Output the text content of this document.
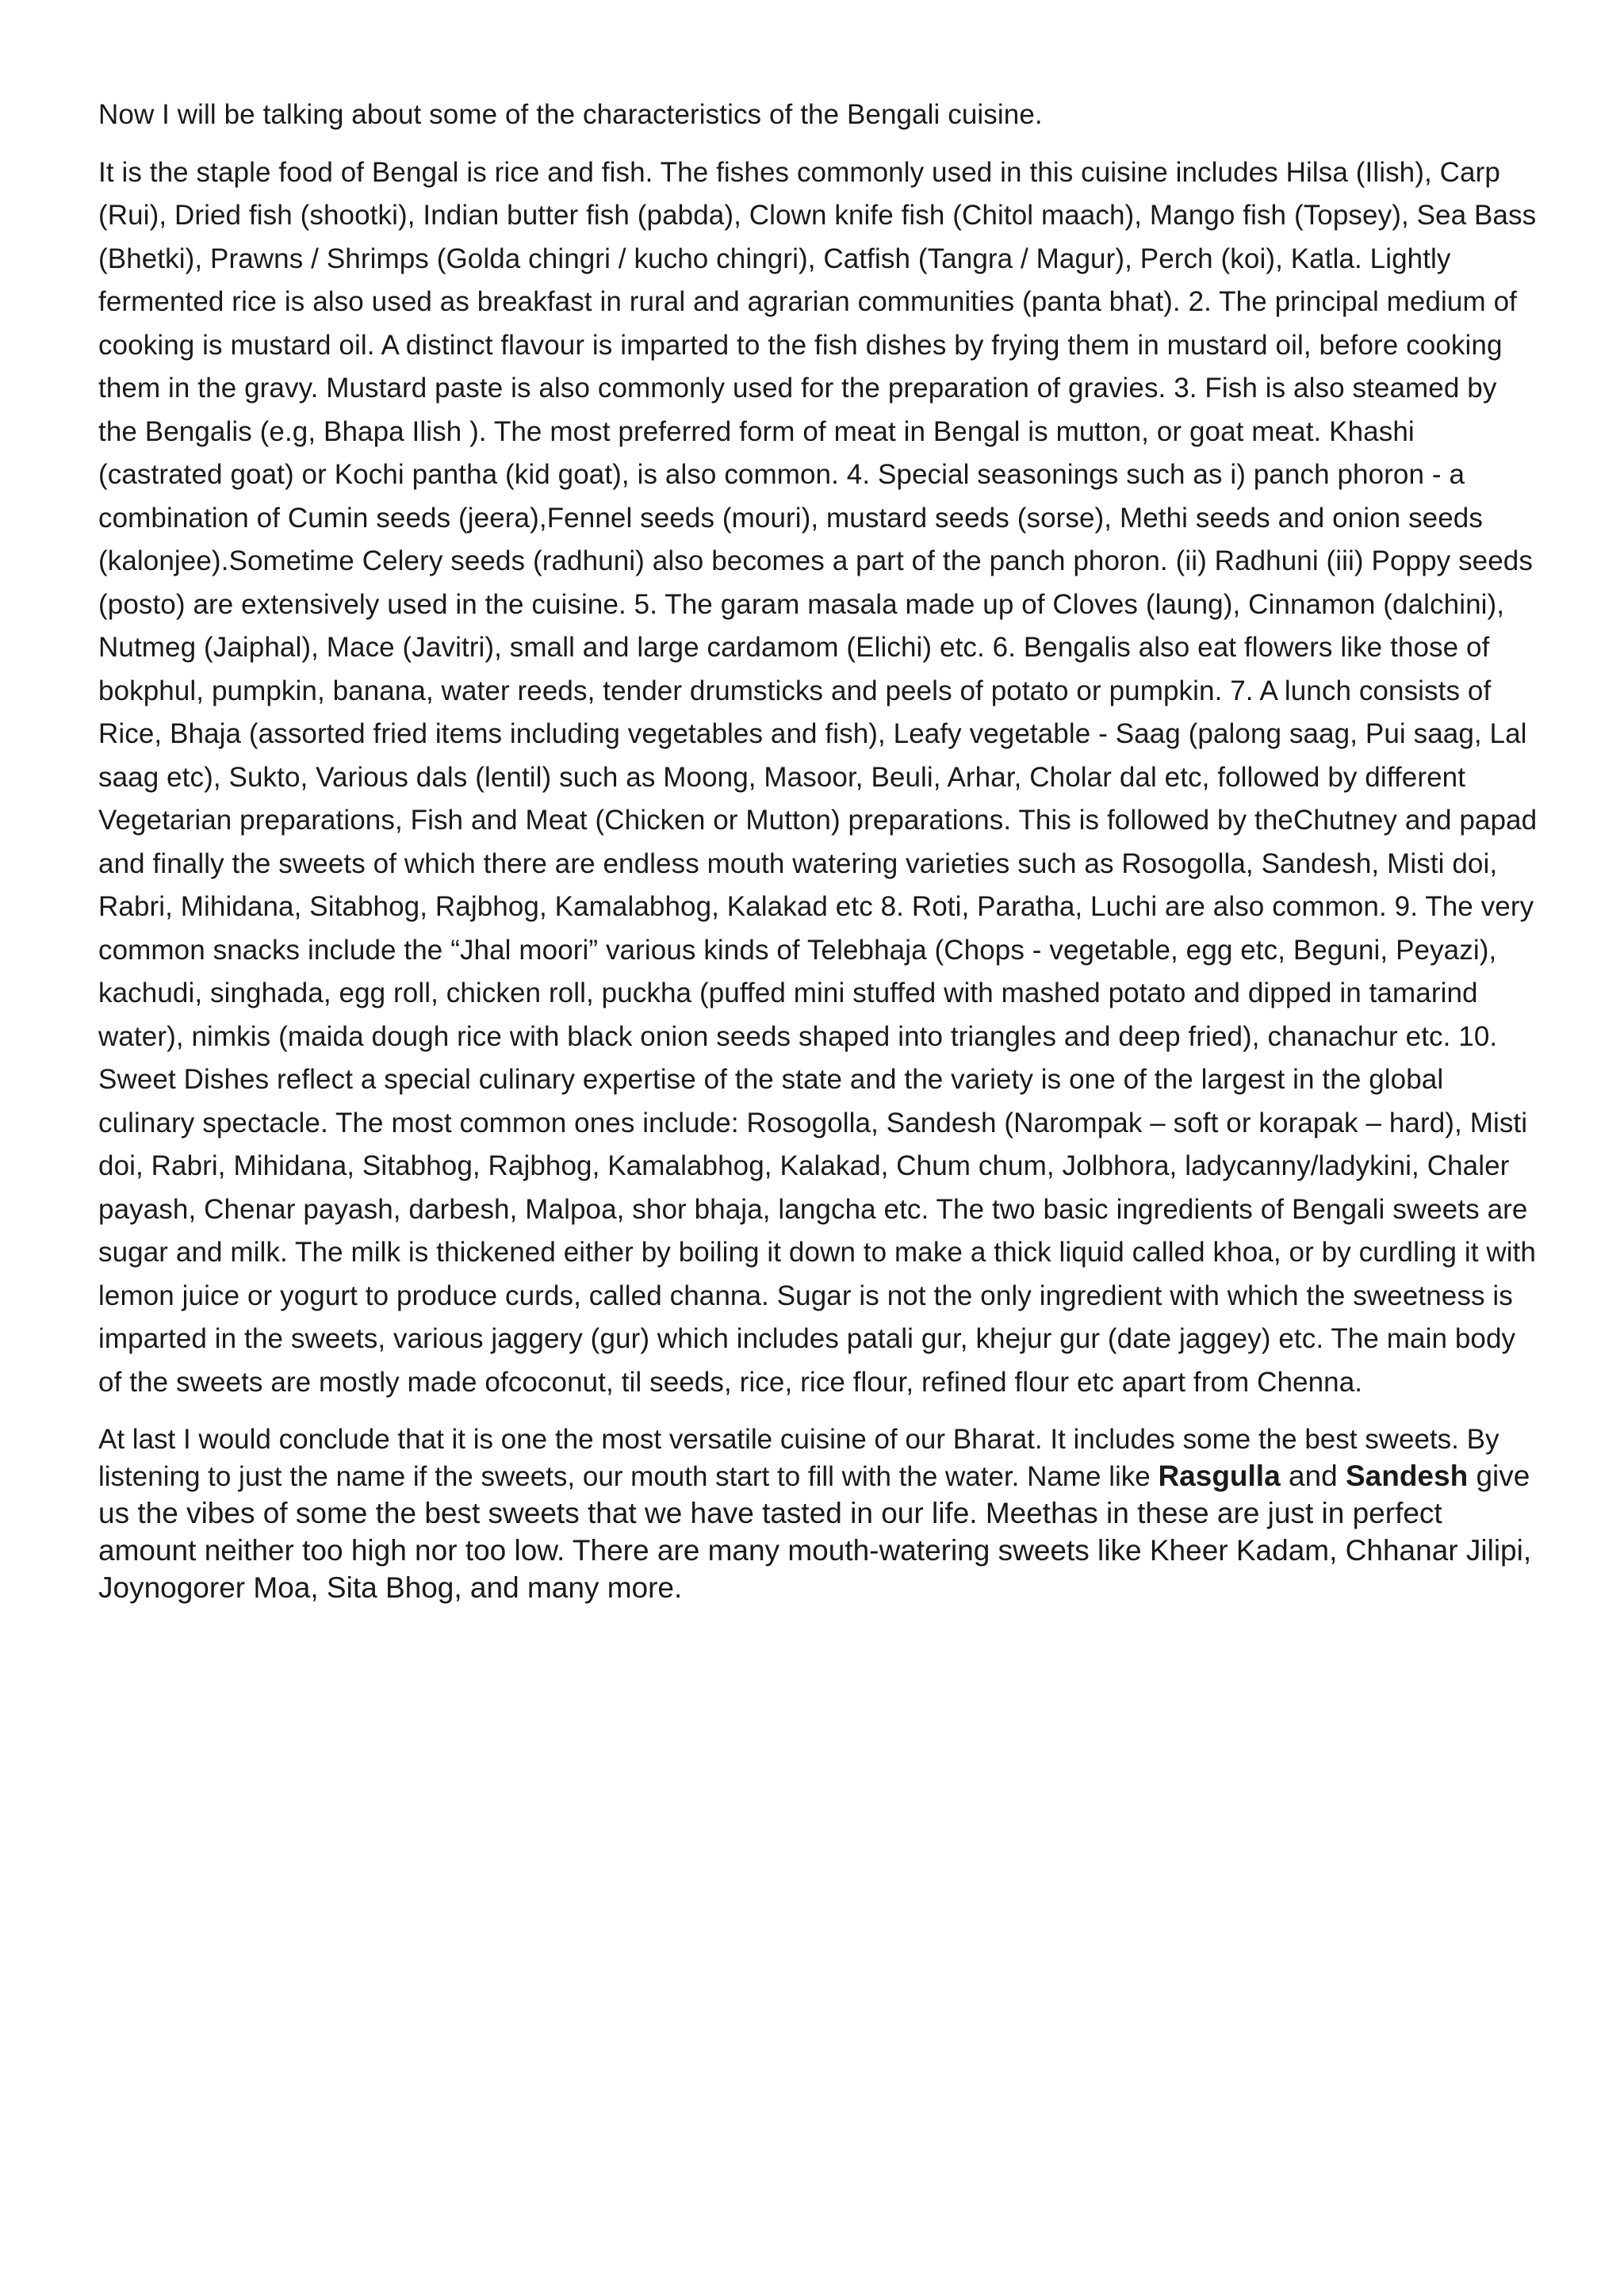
Now I will be talking about some of the characteristics of the Bengali cuisine.

It is the staple food of Bengal is rice and fish. The fishes commonly used in this cuisine includes Hilsa (Ilish), Carp (Rui), Dried fish (shootki), Indian butter fish (pabda), Clown knife fish (Chitol maach), Mango fish (Topsey), Sea Bass (Bhetki), Prawns / Shrimps (Golda chingri / kucho chingri), Catfish (Tangra / Magur), Perch (koi), Katla. Lightly fermented rice is also used as breakfast in rural and agrarian communities (panta bhat). 2. The principal medium of cooking is mustard oil. A distinct flavour is imparted to the fish dishes by frying them in mustard oil, before cooking them in the gravy. Mustard paste is also commonly used for the preparation of gravies. 3. Fish is also steamed by the Bengalis (e.g, Bhapa Ilish ). The most preferred form of meat in Bengal is mutton, or goat meat. Khashi (castrated goat) or Kochi pantha (kid goat), is also common. 4. Special seasonings such as i) panch phoron - a combination of Cumin seeds (jeera),Fennel seeds (mouri), mustard seeds (sorse), Methi seeds and onion seeds (kalonjee).Sometime Celery seeds (radhuni) also becomes a part of the panch phoron. (ii) Radhuni (iii) Poppy seeds (posto) are extensively used in the cuisine. 5. The garam masala made up of Cloves (laung), Cinnamon (dalchini), Nutmeg (Jaiphal), Mace (Javitri), small and large cardamom (Elichi) etc. 6. Bengalis also eat flowers like those of bokphul, pumpkin, banana, water reeds, tender drumsticks and peels of potato or pumpkin. 7. A lunch consists of Rice, Bhaja (assorted fried items including vegetables and fish), Leafy vegetable - Saag (palong saag, Pui saag, Lal saag etc), Sukto, Various dals (lentil) such as Moong, Masoor, Beuli, Arhar, Cholar dal etc, followed by different Vegetarian preparations, Fish and Meat (Chicken or Mutton) preparations. This is followed by theChutney and papad and finally the sweets of which there are endless mouth watering varieties such as Rosogolla, Sandesh, Misti doi, Rabri, Mihidana, Sitabhog, Rajbhog, Kamalabhog, Kalakad etc 8. Roti, Paratha, Luchi are also common. 9. The very common snacks include the “Jhal moori” various kinds of Telebhaja (Chops - vegetable, egg etc, Beguni, Peyazi), kachudi, singhada, egg roll, chicken roll, puckha (puffed mini stuffed with mashed potato and dipped in tamarind water), nimkis (maida dough rice with black onion seeds shaped into triangles and deep fried), chanachur etc. 10. Sweet Dishes reflect a special culinary expertise of the state and the variety is one of the largest in the global culinary spectacle. The most common ones include: Rosogolla, Sandesh (Narompak – soft or korapak – hard), Misti doi, Rabri, Mihidana, Sitabhog, Rajbhog, Kamalabhog, Kalakad, Chum chum, Jolbhora, ladycanny/ladykini, Chaler payash, Chenar payash, darbesh, Malpoa, shor bhaja, langcha etc. The two basic ingredients of Bengali sweets are sugar and milk. The milk is thickened either by boiling it down to make a thick liquid called khoa, or by curdling it with lemon juice or yogurt to produce curds, called channa. Sugar is not the only ingredient with which the sweetness is imparted in the sweets, various jaggery (gur) which includes patali gur, khejur gur (date jaggey) etc. The main body of the sweets are mostly made ofcoconut, til seeds, rice, rice flour, refined flour etc apart from Chenna.

At last I would conclude that it is one the most versatile cuisine of our Bharat. It includes some the best sweets. By listening to just the name if the sweets, our mouth start to fill with the water. Name like Rasgulla and Sandesh give us the vibes of some the best sweets that we have tasted in our life. Meethas in these are just in perfect amount neither too high nor too low. There are many mouth-watering sweets like Kheer Kadam, Chhanar Jilipi, Joynogorer Moa, Sita Bhog, and many more.
